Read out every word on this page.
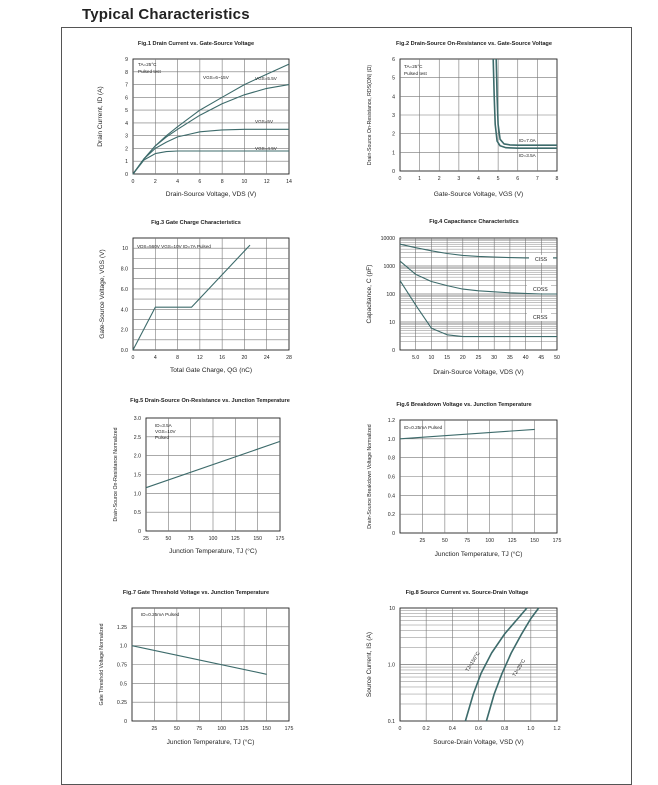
Typical Characteristics
Fig.1 Drain Current vs. Gate-Source Voltage
0	2	4	6	8	10	12	14
0
1
2
3
4
5
6
7
8
9
Drain-Source Voltage, VDS (V)
Drain Current, ID (A)
TA=25°C
Pulsed test
VGS=6~15V	VGS=5.5V
VGS=5V
VGS=4.5V
Fig.2 Drain-Source On-Resistance vs. Gate-Source Voltage
0	1	2	3	4	5	6	7	8
0
1
2
3
4
5
6
Gate-Source Voltage, VGS (V)
Drain-Source On-Resistance, RDS(ON) (Ω)	TA=25°C
Pulsed test
ID=7.0A
ID=3.5A
Fig.3 Gate Charge Characteristics
0	4	8	12	16	20	24	28
0.0
2.0
4.0
6.0
8.0
10
Total Gate Charge, QG (nC)
Gate-Source Voltage, VGS (V)
VDS=560V VGS=10V ID=7A Pulsed
Fig.4 Capacitance Characteristics
5.0 10 15 20 25 30 35 40 45 50
0
10
100
1000
10000
Drain-Source Voltage, VDS (V)
Capacitance, C (pF)
CISS
COSS
CRSS
Fig.5 Drain-Source On-Resistance vs. Junction Temperature
25	50	75	100	125	150	175
0
0.5
1.0
1.5
2.0
2.5
3.0
Junction Temperature, TJ (°C)
Drain-Source On-Resistance Normalized
ID=3.5A
VGS=10V
Pulsed
Fig.6 Breakdown Voltage vs. Junction Temperature
25	50	75	100	125	150	175
0
0.2
0.4
0.6
0.8
1.0
1.2
Junction Temperature, TJ (°C)
Drain-Source Breakdown Voltage Normalized	ID=0.25mA Pulsed
Fig.7 Gate Threshold Voltage vs. Junction Temperature
25	50	75	100	125	150	175
0
0.25
0.5
0.75
1.0
1.25
Junction Temperature, TJ (°C)
Gate Threshold Voltage Normalized
ID=0.25mA Pulsed
Fig.8 Source Current vs. Source-Drain Voltage
0	0.2	0.4	0.6	0.8	1.0	1.2
0.1
1.0
10
Source-Drain Voltage, VSD (V)
Source Current, IS (A)	TJ=150°C	TJ=25°C
